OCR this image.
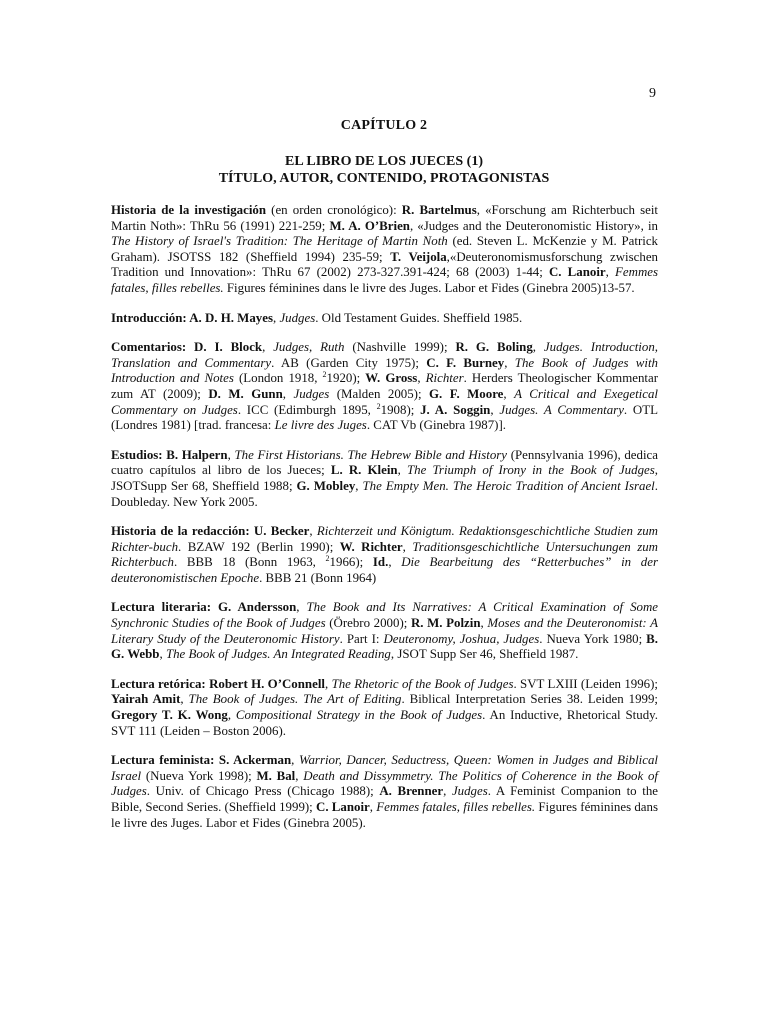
9
CAPÍTULO 2
EL LIBRO DE LOS JUECES (1)
TÍTULO, AUTOR, CONTENIDO, PROTAGONISTAS

Historia de la investigación (en orden cronológico): R. Bartelmus, «Forschung am Richterbuch seit Martin Noth»: ThRu 56 (1991) 221-259; M. A. O’Brien, «Judges and the Deuteronomistic History», in The History of Israel's Tradition: The Heritage of Martin Noth (ed. Steven L. McKenzie y M. Patrick Graham). JSOTSS 182 (Sheffield 1994) 235-59; T. Veijola,«Deuteronomismusforschung zwischen Tradition und Innovation»: ThRu 67 (2002) 273-327.391-424; 68 (2003) 1-44; C. Lanoir, Femmes fatales, filles rebelles. Figures féminines dans le livre des Juges. Labor et Fides (Ginebra 2005)13-57.

Introducción: A. D. H. Mayes, Judges. Old Testament Guides. Sheffield 1985.

Comentarios: D. I. Block, Judges, Ruth (Nashville 1999); R. G. Boling, Judges. Introduction, Translation and Commentary. AB (Garden City 1975); C. F. Burney, The Book of Judges with Introduction and Notes (London 1918, $^2$1920); W. Gross, Richter. Herders Theologischer Kommentar zum AT (2009); D. M. Gunn, Judges (Malden 2005); G. F. Moore, A Critical and Exegetical Commentary on Judges. ICC (Edimburgh 1895, $^2$1908); J. A. Soggin, Judges. A Commentary. OTL (Londres 1981) [trad. francesa: Le livre des Juges. CAT Vb (Ginebra 1987)].

Estudios: B. Halpern, The First Historians. The Hebrew Bible and History (Pennsylvania 1996), dedica cuatro capítulos al libro de los Jueces; L. R. Klein, The Triumph of Irony in the Book of Judges, JSOTSupp Ser 68, Sheffield 1988; G. Mobley, The Empty Men. The Heroic Tradition of Ancient Israel. Doubleday. New York 2005.

Historia de la redacción: U. Becker, Richterzeit und Königtum. Redaktionsgeschichtliche Studien zum Richter-buch. BZAW 192 (Berlin 1990); W. Richter, Traditionsgeschichtliche Untersuchungen zum Richterbuch. BBB 18 (Bonn 1963, $^2$1966); Id., Die Bearbeitung des “Retterbuches” in der deuteronomistischen Epoche. BBB 21 (Bonn 1964)

Lectura literaria: G. Andersson, The Book and Its Narratives: A Critical Examination of Some Synchronic Studies of the Book of Judges (Örebro 2000); R. M. Polzin, Moses and the Deuteronomist: A Literary Study of the Deuteronomic History. Part I: Deuteronomy, Joshua, Judges. Nueva York 1980; B. G. Webb, The Book of Judges. An Integrated Reading, JSOT Supp Ser 46, Sheffield 1987.

Lectura retórica: Robert H. O’Connell, The Rhetoric of the Book of Judges. SVT LXIII (Leiden 1996); Yairah Amit, The Book of Judges. The Art of Editing. Biblical Interpretation Series 38. Leiden 1999; Gregory T. K. Wong, Compositional Strategy in the Book of Judges. An Inductive, Rhetorical Study. SVT 111 (Leiden – Boston 2006).

Lectura feminista: S. Ackerman, Warrior, Dancer, Seductress, Queen: Women in Judges and Biblical Israel (Nueva York 1998); M. Bal, Death and Dissymmetry. The Politics of Coherence in the Book of Judges. Univ. of Chicago Press (Chicago 1988); A. Brenner, Judges. A Feminist Companion to the Bible, Second Series. (Sheffield 1999); C. Lanoir, Femmes fatales, filles rebelles. Figures féminines dans le livre des Juges. Labor et Fides (Ginebra 2005).
